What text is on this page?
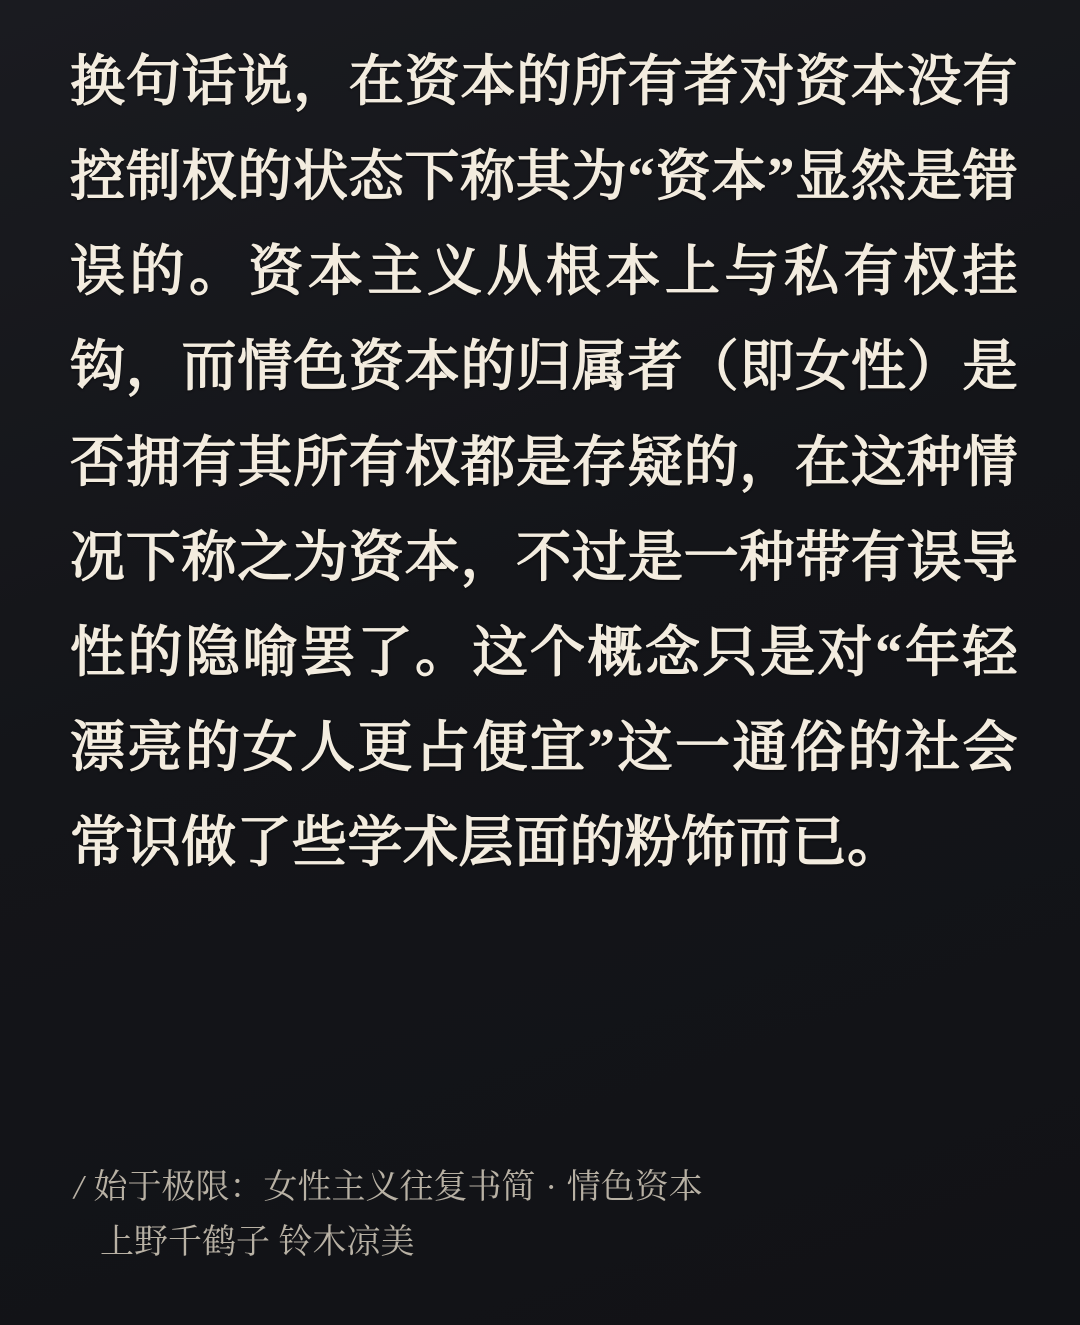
换句话说，在资本的所有者对资本没有控制权的状态下称其为“资本”显然是错误的。资本主义从根本上与私有权挂钩，而情色资本的归属者（即女性）是否拥有其所有权都是存疑的，在这种情况下称之为资本，不过是一种带有误导性的隐喻罢了。这个概念只是对“年轻漂亮的女人更占便宜”这一通俗的社会常识做了些学术层面的粉饰而已。

/ 始于极限：女性主义往复书简 · 情色资本
上野千鹤子 铃木凉美
